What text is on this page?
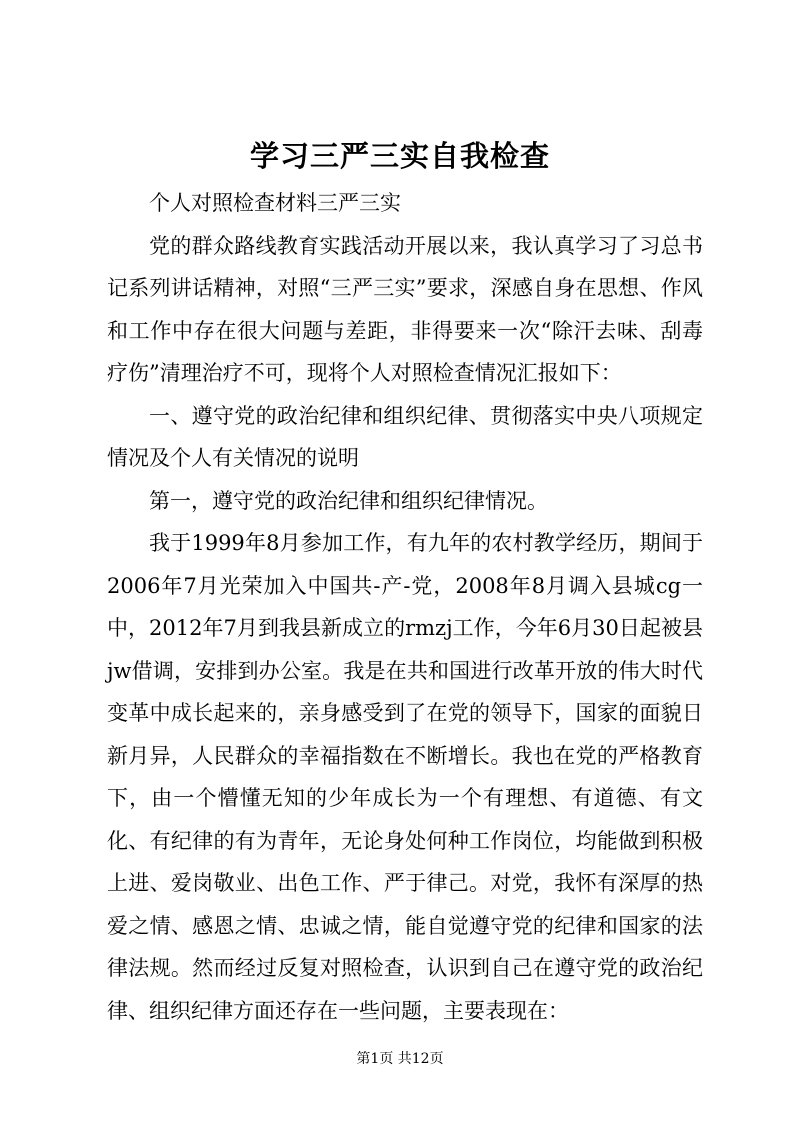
学习三严三实自我检查

个人对照检查材料三严三实

党的群众路线教育实践活动开展以来，我认真学习了习总书记系列讲话精神，对照“三严三实”要求，深感自身在思想、作风和工作中存在很大问题与差距，非得要来一次“除汗去味、刮毒疗伤”清理治疗不可，现将个人对照检查情况汇报如下：

一、遵守党的政治纪律和组织纪律、贯彻落实中央八项规定情况及个人有关情况的说明

第一，遵守党的政治纪律和组织纪律情况。

我于1999年8月参加工作，有九年的农村教学经历，期间于2006年7月光荣加入中国共-产-党，2008年8月调入县城cg一中，2012年7月到我县新成立的rmzj工作，今年6月30日起被县jw借调，安排到办公室。我是在共和国进行改革开放的伟大时代变革中成长起来的，亲身感受到了在党的领导下，国家的面貌日新月异，人民群众的幸福指数在不断增长。我也在党的严格教育下，由一个懵懂无知的少年成长为一个有理想、有道德、有文化、有纪律的有为青年，无论身处何种工作岗位，均能做到积极上进、爱岗敬业、出色工作、严于律己。对党，我怀有深厚的热爱之情、感恩之情、忠诚之情，能自觉遵守党的纪律和国家的法律法规。然而经过反复对照检查，认识到自己在遵守党的政治纪律、组织纪律方面还存在一些问题，主要表现在：

第1页 共12页
